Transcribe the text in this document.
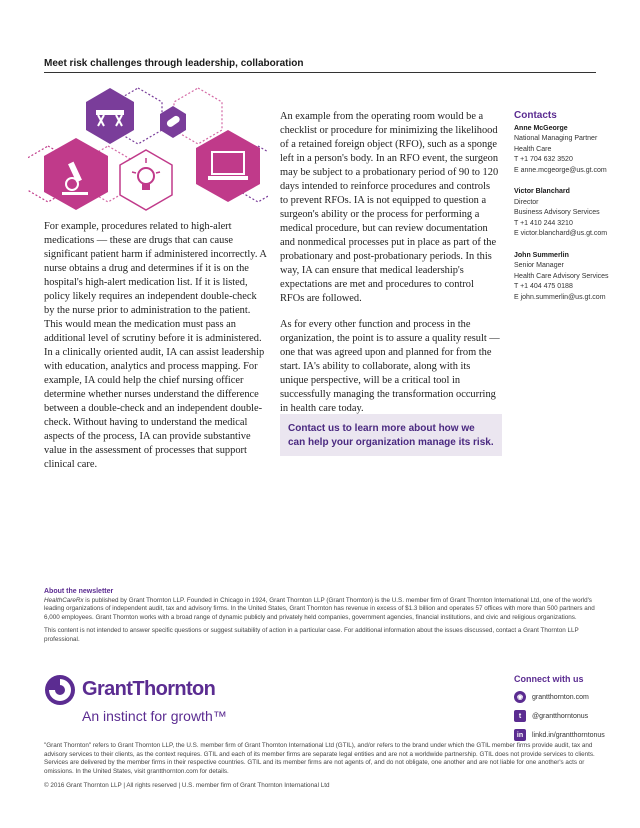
Meet risk challenges through leadership, collaboration
For example, procedures related to high-alert medications — these are drugs that can cause significant patient harm if administered incorrectly. A nurse obtains a drug and determines if it is on the hospital's high-alert medication list. If it is listed, policy likely requires an independent double-check by the nurse prior to administration to the patient. This would mean the medication must pass an additional level of scrutiny before it is administered. In a clinically oriented audit, IA can assist leadership with education, analytics and process mapping. For example, IA could help the chief nursing officer determine whether nurses understand the difference between a double-check and an independent double-check. Without having to understand the medical aspects of the process, IA can provide substantive value in the assessment of processes that support clinical care.

An example from the operating room would be a checklist or procedure for minimizing the likelihood of a retained foreign object (RFO), such as a sponge left in a person's body. In an RFO event, the surgeon may be subject to a probationary period of 90 to 120 days intended to reinforce procedures and controls to prevent RFOs. IA is not equipped to question a surgeon's ability or the process for performing a medical procedure, but can review documentation and nonmedical processes put in place as part of the probationary and post-probationary periods. In this way, IA can ensure that medical leadership's expectations are met and procedures to control RFOs are followed.

As for every other function and process in the organization, the point is to assure a quality result — one that was agreed upon and planned for from the start. IA's ability to collaborate, along with its unique perspective, will be a critical tool in successfully managing the transformation occurring in health care today.

Contact us to learn more about how we can help your organization manage its risk.
Contacts
Anne McGeorge
National Managing Partner
Health Care
T +1 704 632 3520
E anne.mcgeorge@us.gt.com
Victor Blanchard
Director
Business Advisory Services
T +1 410 244 3210
E victor.blanchard@us.gt.com
John Summerlin
Senior Manager
Health Care Advisory Services
T +1 404 475 0188
E john.summerlin@us.gt.com
About the newsletter

HealthCareRx is published by Grant Thornton LLP. Founded in Chicago in 1924, Grant Thornton LLP (Grant Thornton) is the U.S. member firm of Grant Thornton International Ltd, one of the world's leading organizations of independent audit, tax and advisory firms. In the United States, Grant Thornton has revenue in excess of $1.3 billion and operates 57 offices with more than 500 partners and 6,000 employees. Grant Thornton works with a broad range of dynamic publicly and privately held companies, government agencies, financial institutions, and civic and religious organizations.

This content is not intended to answer specific questions or suggest suitability of action in a particular case. For additional information about the issues discussed, contact a Grant Thornton LLP professional.

GrantThornton
An instinct for growth™
Connect with us
◉	grantthornton.com
t	@grantthorntonus
in	linkd.in/grantthorntonus
"Grant Thornton" refers to Grant Thornton LLP, the U.S. member firm of Grant Thornton International Ltd (GTIL), and/or refers to the brand under which the GTIL member firms provide audit, tax and advisory services to their clients, as the context requires. GTIL and each of its member firms are separate legal entities and are not a worldwide partnership. GTIL does not provide services to clients. Services are delivered by the member firms in their respective countries. GTIL and its member firms are not agents of, and do not obligate, one another and are not liable for one another's acts or omissions. In the United States, visit grantthornton.com for details.
© 2016 Grant Thornton LLP | All rights reserved | U.S. member firm of Grant Thornton International Ltd
